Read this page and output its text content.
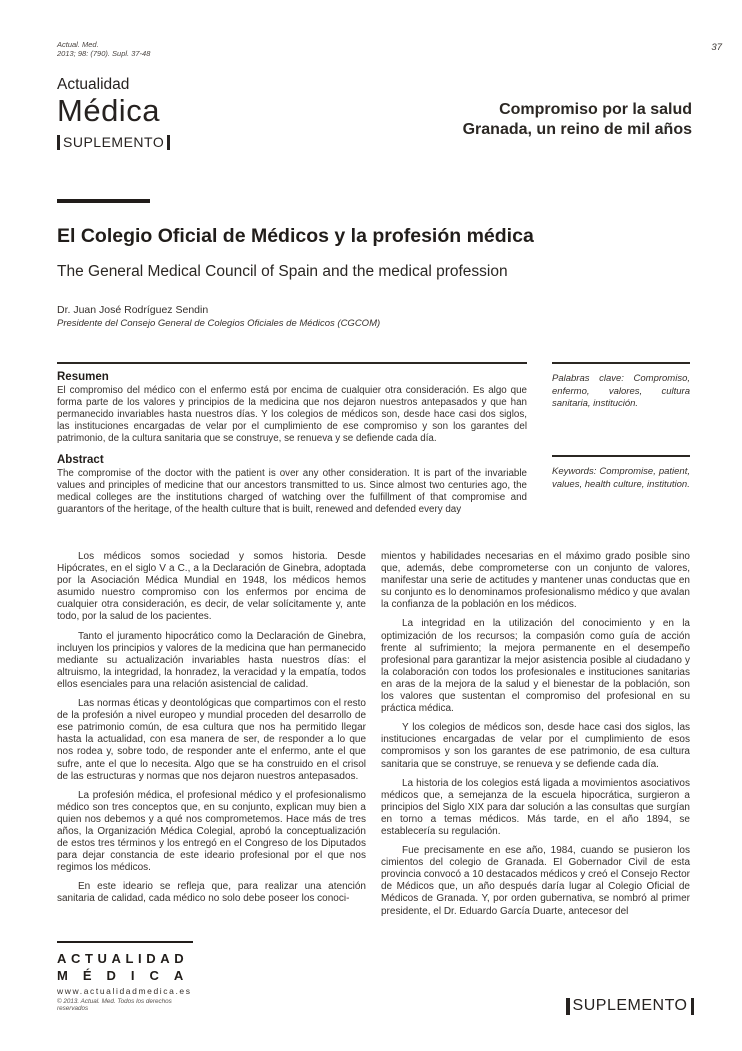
Actual. Med.
2013; 98: (790). Supl. 37-48
37
Actualidad
Médica
SUPLEMENTO
Compromiso por la salud
Granada, un reino de mil años
El Colegio Oficial de Médicos y la profesión médica
The General Medical Council of Spain and the medical profession
Dr. Juan José Rodríguez Sendin
Presidente del Consejo General de Colegios Oficiales de Médicos (CGCOM)
Resumen

El compromiso del médico con el enfermo está por encima de cualquier otra consideración. Es algo que forma parte de los valores y principios de la medicina que nos dejaron nuestros antepasados y que han permanecido invariables hasta nuestros días. Y los colegios de médicos son, desde hace casi dos siglos, las instituciones encargadas de velar por el cumplimiento de ese compromiso y son los garantes del patrimonio, de la cultura sanitaria que se construye, se renueva y se defiende cada día.

Abstract

The compromise of the doctor with the patient is over any other consideration. It is part of the invariable values and principles of medicine that our ancestors transmitted to us. Since almost two centuries ago, the medical colleges are the institutions charged of watching over the fulfillment of that compromise and guarantors of the heritage, of the health culture that is built, renewed and defended every day

Palabras clave: Compromiso, enfermo, valores, cultura sanitaria, institución.
Keywords: Compromise, patient, values, health culture, institution.

Los médicos somos sociedad y somos historia. Desde Hipócrates, en el siglo V a C., a la Declaración de Ginebra, adoptada por la Asociación Médica Mundial en 1948, los médicos hemos asumido nuestro compromiso con los enfermos por encima de cualquier otra consideración, es decir, de velar solícitamente y, ante todo, por la salud de los pacientes.

Tanto el juramento hipocrático como la Declaración de Ginebra, incluyen los principios y valores de la medicina que han permanecido mediante su actualización invariables hasta nuestros días: el altruismo, la integridad, la honradez, la veracidad y la empatía, todos ellos esenciales para una relación asistencial de calidad.

Las normas éticas y deontológicas que compartimos con el resto de la profesión a nivel europeo y mundial proceden del desarrollo de ese patrimonio común, de esa cultura que nos ha permitido llegar hasta la actualidad, con esa manera de ser, de responder a lo que nos rodea y, sobre todo, de responder ante el enfermo, ante el que sufre, ante el que lo necesita. Algo que se ha construido en el crisol de las estructuras y normas que nos dejaron nuestros antepasados.

La profesión médica, el profesional médico y el profesionalismo médico son tres conceptos que, en su conjunto, explican muy bien a quien nos debemos y a qué nos comprometemos. Hace más de tres años, la Organización Médica Colegial, aprobó la conceptualización de estos tres términos y los entregó en el Congreso de los Diputados para dejar constancia de este ideario profesional por el que nos regimos los médicos.

En este ideario se refleja que, para realizar una atención sanitaria de calidad, cada médico no solo debe poseer los conoci-

mientos y habilidades necesarias en el máximo grado posible sino que, además, debe comprometerse con un conjunto de valores, manifestar una serie de actitudes y mantener unas conductas que en su conjunto es lo denominamos profesionalismo médico y que avalan la confianza de la población en los médicos.

La integridad en la utilización del conocimiento y en la optimización de los recursos; la compasión como guía de acción frente al sufrimiento; la mejora permanente en el desempeño profesional para garantizar la mejor asistencia posible al ciudadano y la colaboración con todos los profesionales e instituciones sanitarias en aras de la mejora de la salud y el bienestar de la población, son los valores que sustentan el compromiso del profesional en su práctica médica.

Y los colegios de médicos son, desde hace casi dos siglos, las instituciones encargadas de velar por el cumplimiento de esos compromisos y son los garantes de ese patrimonio, de esa cultura sanitaria que se construye, se renueva y se defiende cada día.

La historia de los colegios está ligada a movimientos asociativos médicos que, a semejanza de la escuela hipocrática, surgieron a principios del Siglo XIX para dar solución a las consultas que surgían en torno a temas médicos. Más tarde, en el año 1894, se establecería su regulación.

Fue precisamente en ese año, 1984, cuando se pusieron los cimientos del colegio de Granada. El Gobernador Civil de esta provincia convocó a 10 destacados médicos y creó el Consejo Rector de Médicos que, un año después daría lugar al Colegio Oficial de Médicos de Granada. Y, por orden gubernativa, se nombró al primer presidente, el Dr. Eduardo García Duarte, antecesor del

ACTUALIDAD
MÉDICA
www.actualidadmedica.es
© 2013. Actual. Med. Todos los derechos reservados	SUPLEMENTO
